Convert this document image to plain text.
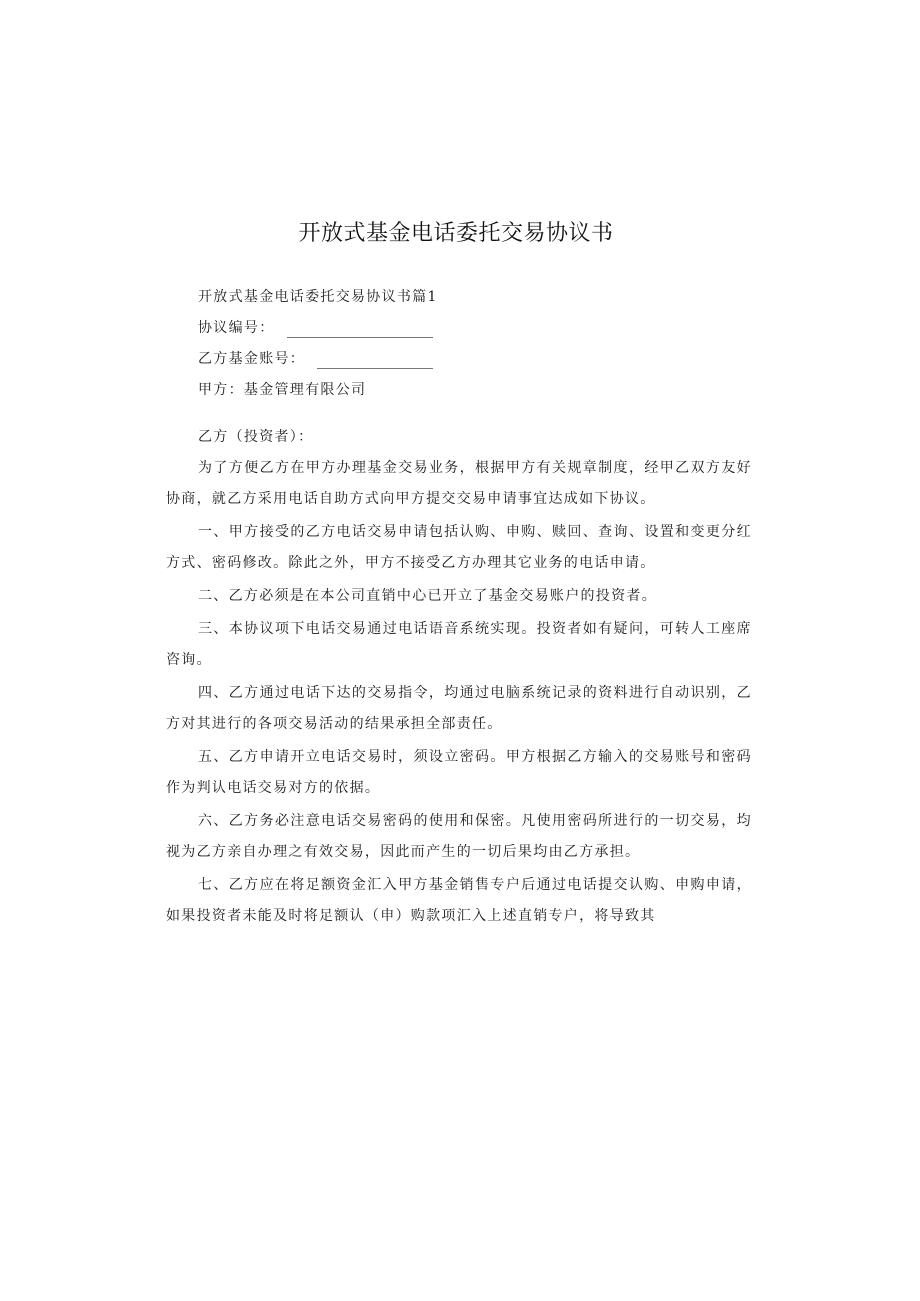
开放式基金电话委托交易协议书

开放式基金电话委托交易协议书篇1

协议编号：
乙方基金账号：

甲方：基金管理有限公司

乙方（投资者）：

为了方便乙方在甲方办理基金交易业务，根据甲方有关规章制度，经甲乙双方友好协商，就乙方采用电话自助方式向甲方提交交易申请事宜达成如下协议。

一、甲方接受的乙方电话交易申请包括认购、申购、赎回、查询、设置和变更分红方式、密码修改。除此之外，甲方不接受乙方办理其它业务的电话申请。

二、乙方必须是在本公司直销中心已开立了基金交易账户的投资者。

三、本协议项下电话交易通过电话语音系统实现。投资者如有疑问，可转人工座席咨询。

四、乙方通过电话下达的交易指令，均通过电脑系统记录的资料进行自动识别，乙方对其进行的各项交易活动的结果承担全部责任。

五、乙方申请开立电话交易时，须设立密码。甲方根据乙方输入的交易账号和密码作为判认电话交易对方的依据。

六、乙方务必注意电话交易密码的使用和保密。凡使用密码所进行的一切交易，均视为乙方亲自办理之有效交易，因此而产生的一切后果均由乙方承担。

七、乙方应在将足额资金汇入甲方基金销售专户后通过电话提交认购、申购申请，如果投资者未能及时将足额认（申）购款项汇入上述直销专户，将导致其
